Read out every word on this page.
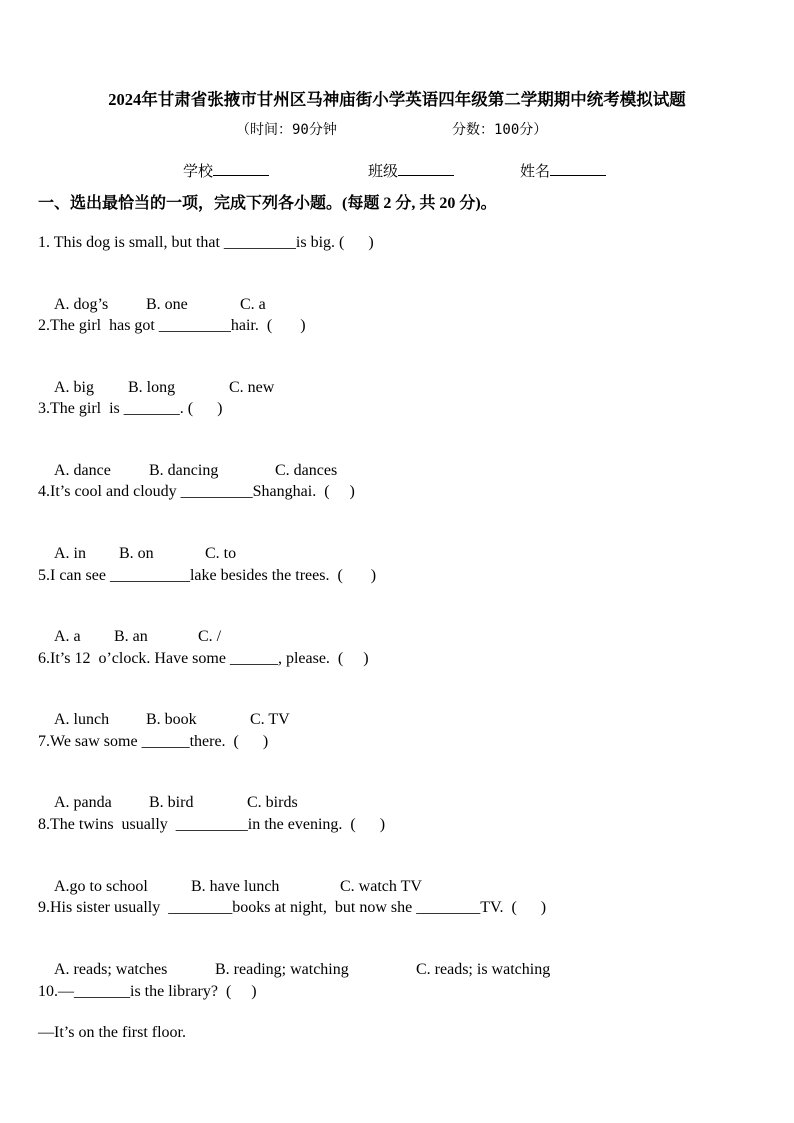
2024年甘肃省张掖市甘州区马神庙街小学英语四年级第二学期期中统考模拟试题
（时间：90分钟	分数：100分）
学校	班级	姓名
一、选出最恰当的一项，完成下列各小题。(每题 2 分, 共 20 分)。
1. This dog is small, but that _________is big. (      )

A. dog’s B. one	C. a

2.The girl  has got _________hair.  (       )

A. big B. long	C. new

3.The girl  is _______. (      )

A. dance B. dancing	C. dances

4.It’s cool and cloudy _________Shanghai.  (     )

A. in B. on	C. to

5.I can see __________lake besides the trees.  (       )

A. a B. an	C. /

6.It’s 12  o’clock. Have some ______, please.  (     )

A. lunch B. book	C. TV

7.We saw some ______there.  (      )

A. panda B. bird	C. birds

8.The twins  usually  _________in the evening.  (      )

A.go to school	B. have lunch	C. watch TV

9.His sister usually  ________books at night,  but now she ________TV.  (      )

A. reads; watches	B. reading; watching	C. reads; is watching

10.—_______is the library?  (     )
—It’s on the first floor.
